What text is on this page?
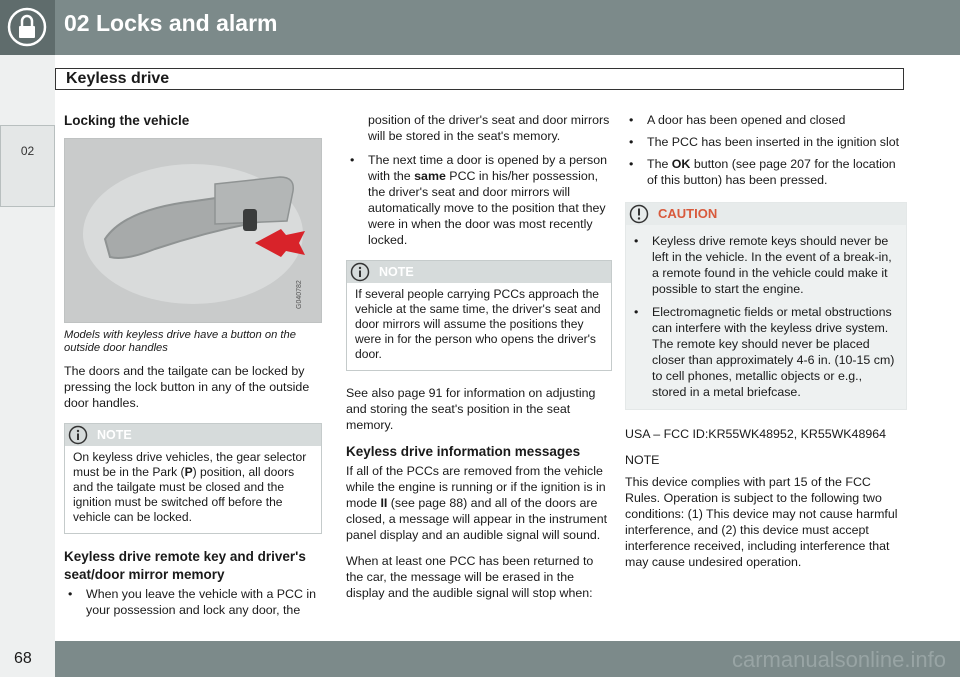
02 Locks and alarm
02
Keyless drive
Locking the vehicle
G040782

Models with keyless drive have a button on the outside door handles

The doors and the tailgate can be locked by pressing the lock button in any of the outside door handles.

NOTE
On keyless drive vehicles, the gear selector must be in the Park (P) position, all doors and the tailgate must be closed and the ignition must be switched off before the vehicle can be locked.
Keyless drive remote key and driver's seat/door mirror memory
• When you leave the vehicle with a PCC in your possession and lock any door, the

position of the driver's seat and door mirrors will be stored in the seat's memory.

• The next time a door is opened by a person with the same PCC in his/her possession, the driver's seat and door mirrors will automatically move to the position that they were in when the door was most recently locked.
NOTE
If several people carrying PCCs approach the vehicle at the same time, the driver's seat and door mirrors will assume the positions they were in for the person who opens the driver's door.

See also page 91 for information on adjusting and storing the seat's position in the seat memory.

Keyless drive information messages

If all of the PCCs are removed from the vehicle while the engine is running or if the ignition is in mode II (see page 88) and all of the doors are closed, a message will appear in the instrument panel display and an audible signal will sound.

When at least one PCC has been returned to the car, the message will be erased in the display and the audible signal will stop when:

• A door has been opened and closed
• The PCC has been inserted in the ignition slot
• The OK button (see page 207 for the location of this button) has been pressed.
CAUTION
• Keyless drive remote keys should never be left in the vehicle. In the event of a break-in, a remote found in the vehicle could make it possible to start the engine.
• Electromagnetic fields or metal obstructions can interfere with the keyless drive system. The remote key should never be placed closer than approximately 4-6 in. (10-15 cm) to cell phones, metallic objects or e.g., stored in a metal briefcase.

USA – FCC ID:KR55WK48952, KR55WK48964

NOTE

This device complies with part 15 of the FCC Rules. Operation is subject to the following two conditions: (1) This device may not cause harmful interference, and (2) this device must accept interference received, including interference that may cause undesired operation.

68	carmanualsonline.info
